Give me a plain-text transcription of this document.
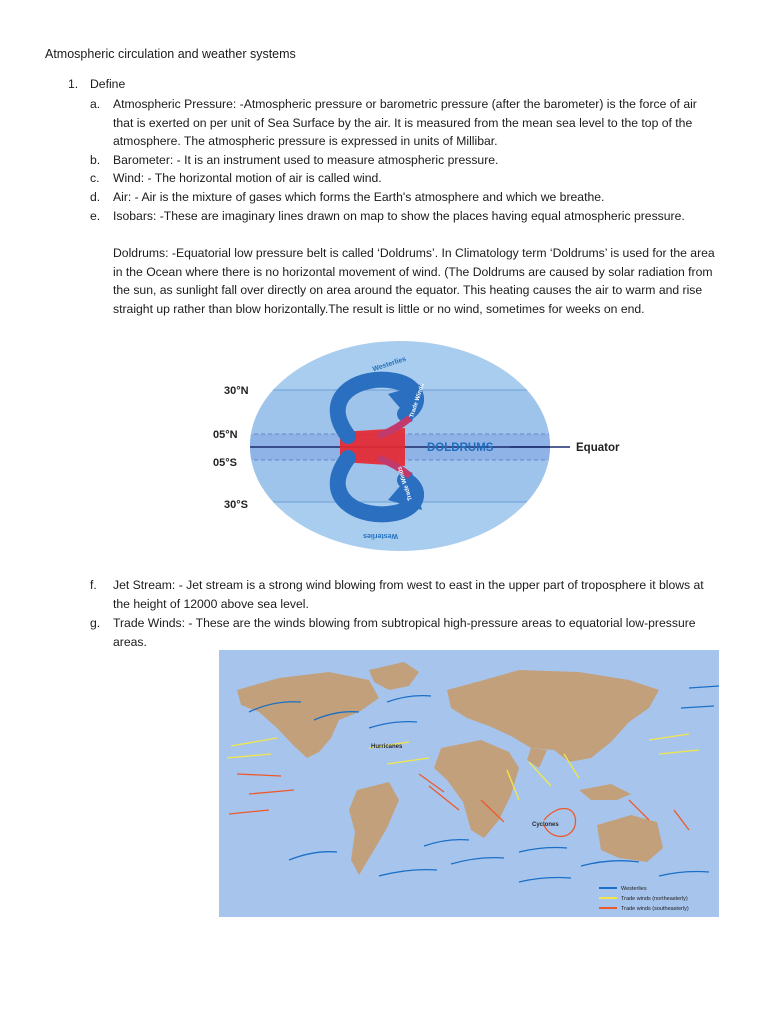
Atmospheric circulation and weather systems
1. Define
a.	Atmospheric Pressure: -Atmospheric pressure or barometric pressure (after the barometer) is the force of air that is exerted on per unit of Sea Surface by the air. It is measured from the mean sea level to the top of the atmosphere. The atmospheric pressure is expressed in units of Millibar.
b.	Barometer: - It is an instrument used to measure atmospheric pressure.
c.	Wind: - The horizontal motion of air is called wind.
d.	Air: - Air is the mixture of gases which forms the Earth's atmosphere and which we breathe.
e.	Isobars: -These are imaginary lines drawn on map to show the places having equal atmospheric pressure.
Doldrums: -Equatorial low pressure belt is called ‘Doldrums’. In Climatology term ‘Doldrums’ is used for the area in the Ocean where there is no horizontal movement of wind. (The Doldrums are caused by solar radiation from the sun, as sunlight fall over directly on area around the equator. This heating causes the air to warm and rise straight up rather than blow horizontally.The result is little or no wind, sometimes for weeks on end.
30°N
05°N
05°S
30°S
DOLDRUMS	Equator
Westerlies
Trade Winds
Trade Winds
Westerlies
f.	Jet Stream: - Jet stream is a strong wind blowing from west to east in the upper part of troposphere it blows at the height of 12000 above sea level.
g.	Trade Winds: - These are the winds blowing from subtropical high-pressure areas to equatorial low-pressure areas.
Hurricanes
Cyclones
Westerlies
Trade winds (northeasterly)
Trade winds (southeasterly)
